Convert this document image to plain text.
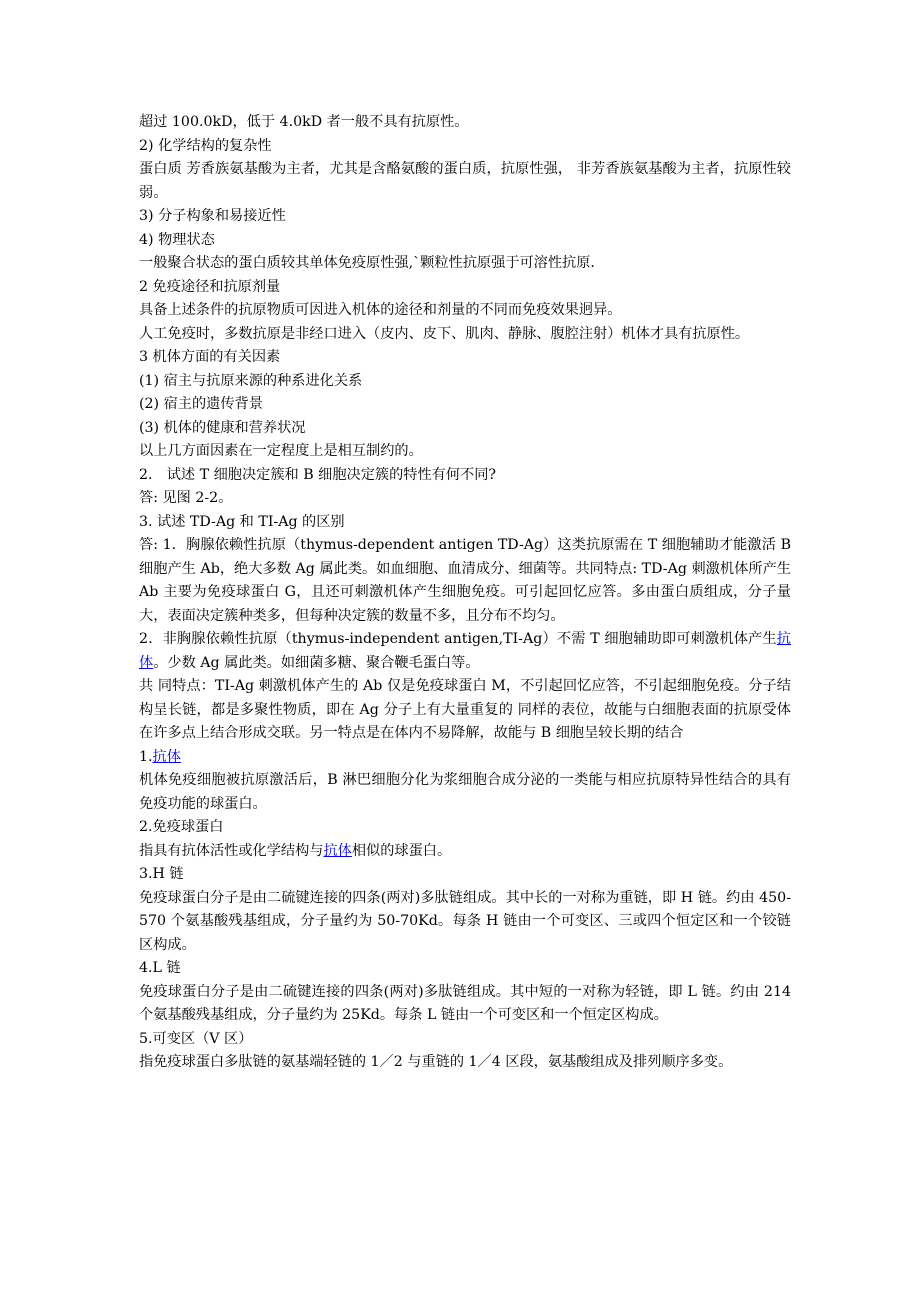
超过 100.0kD，低于 4.0kD 者一般不具有抗原性。

2) 化学结构的复杂性

蛋白质 芳香族氨基酸为主者，尤其是含酪氨酸的蛋白质，抗原性强， 非芳香族氨基酸为主者，抗原性较弱。

3) 分子构象和易接近性

4) 物理状态

一般聚合状态的蛋白质较其单体免疫原性强,`颗粒性抗原强于可溶性抗原.

2 免疫途径和抗原剂量

具备上述条件的抗原物质可因进入机体的途径和剂量的不同而免疫效果迥异。

人工免疫时，多数抗原是非经口进入（皮内、皮下、肌肉、静脉、腹腔注射）机体才具有抗原性。

3 机体方面的有关因素

(1) 宿主与抗原来源的种系进化关系

(2) 宿主的遗传背景

(3) 机体的健康和营养状况

以上几方面因素在一定程度上是相互制约的。

2． 试述 T 细胞决定簇和 B 细胞决定簇的特性有何不同?

答: 见图 2-2。

3. 试述 TD-Ag 和 TI-Ag 的区别

答: 1．胸腺依赖性抗原（thymus-dependent antigen TD-Ag）这类抗原需在 T 细胞辅助才能激活 B 细胞产生 Ab，绝大多数 Ag 属此类。如血细胞、血清成分、细菌等。共同特点: TD-Ag 刺激机体所产生 Ab 主要为免疫球蛋白 G，且还可刺激机体产生细胞免疫。可引起回忆应答。多由蛋白质组成，分子量大，表面决定簇种类多，但每种决定簇的数量不多，且分布不均匀。

2．非胸腺依赖性抗原（thymus-independent antigen,TI-Ag）不需 T 细胞辅助即可刺激机体产生抗体。少数 Ag 属此类。如细菌多糖、聚合鞭毛蛋白等。

共 同特点：TI-Ag 刺激机体产生的 Ab 仅是免疫球蛋白 M，不引起回忆应答，不引起细胞免疫。分子结构呈长链，都是多聚性物质，即在 Ag 分子上有大量重复的 同样的表位，故能与白细胞表面的抗原受体在许多点上结合形成交联。另一特点是在体内不易降解，故能与 B 细胞呈较长期的结合

1.抗体

机体免疫细胞被抗原激活后，B 淋巴细胞分化为浆细胞合成分泌的一类能与相应抗原特异性结合的具有免疫功能的球蛋白。

2.免疫球蛋白

指具有抗体活性或化学结构与抗体相似的球蛋白。

3.H 链

免疫球蛋白分子是由二硫键连接的四条(两对)多肽链组成。其中长的一对称为重链，即 H 链。约由 450-570 个氨基酸残基组成，分子量约为 50-70Kd。每条 H 链由一个可变区、三或四个恒定区和一个铰链区构成。

4.L 链

免疫球蛋白分子是由二硫键连接的四条(两对)多肽链组成。其中短的一对称为轻链，即 L 链。约由 214 个氨基酸残基组成，分子量约为 25Kd。每条 L 链由一个可变区和一个恒定区构成。

5.可变区（V 区）

指免疫球蛋白多肽链的氨基端轻链的 1／2 与重链的 1／4 区段，氨基酸组成及排列顺序多变。
